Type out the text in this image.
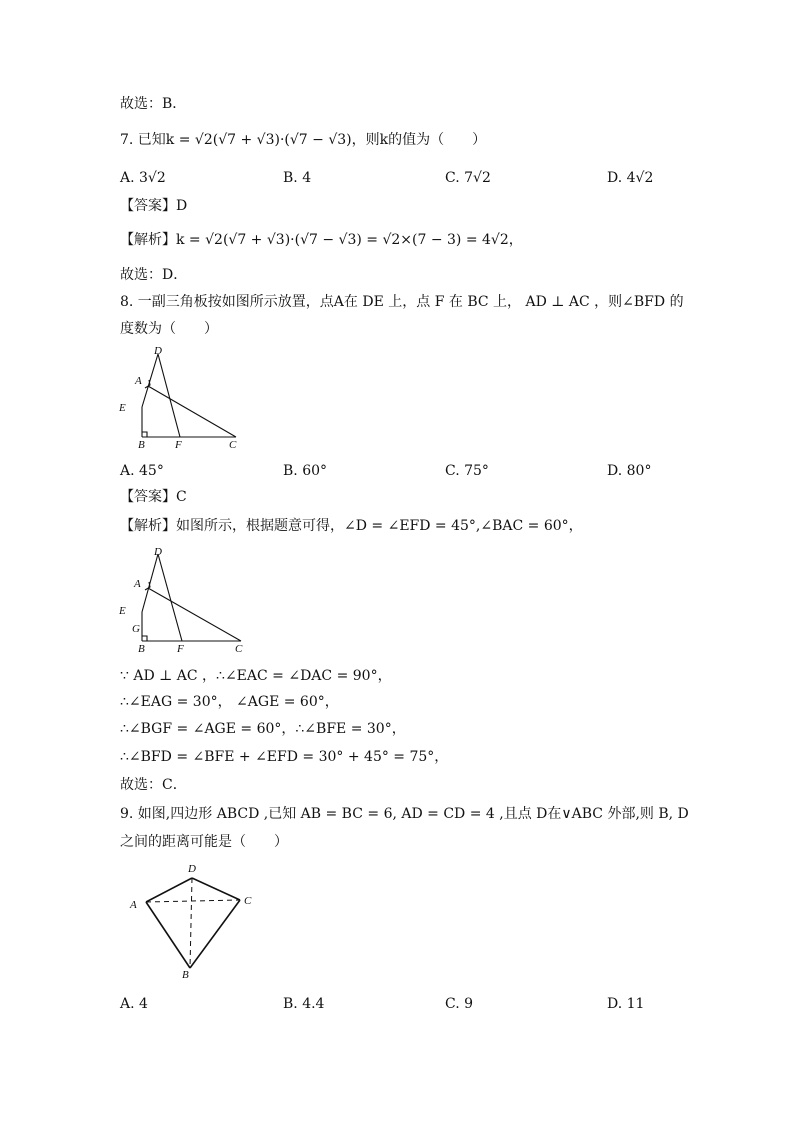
故选：B．
7. 已知k = √2(√7 + √3)·(√7 − √3)，则k的值为（　　）
A. 3√2	B. 4	C. 7√2	D. 4√2
【答案】D
【解析】k = √2(√7 + √3)·(√7 − √3) = √2×(7 − 3) = 4√2，
故选：D．
8. 一副三角板按如图所示放置，点A在 DE 上，点 F 在 BC 上， AD ⊥ AC ，则∠BFD 的
度数为（　　）
D
A
E
B	F	C
A. 45°	B. 60°	C. 75°	D. 80°
【答案】C
【解析】如图所示，根据题意可得，∠D = ∠EFD = 45°,∠BAC = 60°，
D
A
E
G
B	F	C
∵ AD ⊥ AC ，∴∠EAC = ∠DAC = 90°，
∴∠EAG = 30°， ∠AGE = 60°，
∴∠BGF = ∠AGE = 60°，∴∠BFE = 30°，
∴∠BFD = ∠BFE + ∠EFD = 30° + 45° = 75°，
故选：C．
9. 如图,四边形 ABCD ,已知 AB = BC = 6, AD = CD = 4 ,且点 D在∨ABC 外部,则 B, D
之间的距离可能是（　　）
D
A	C
B
A. 4	B. 4.4	C. 9	D. 11
